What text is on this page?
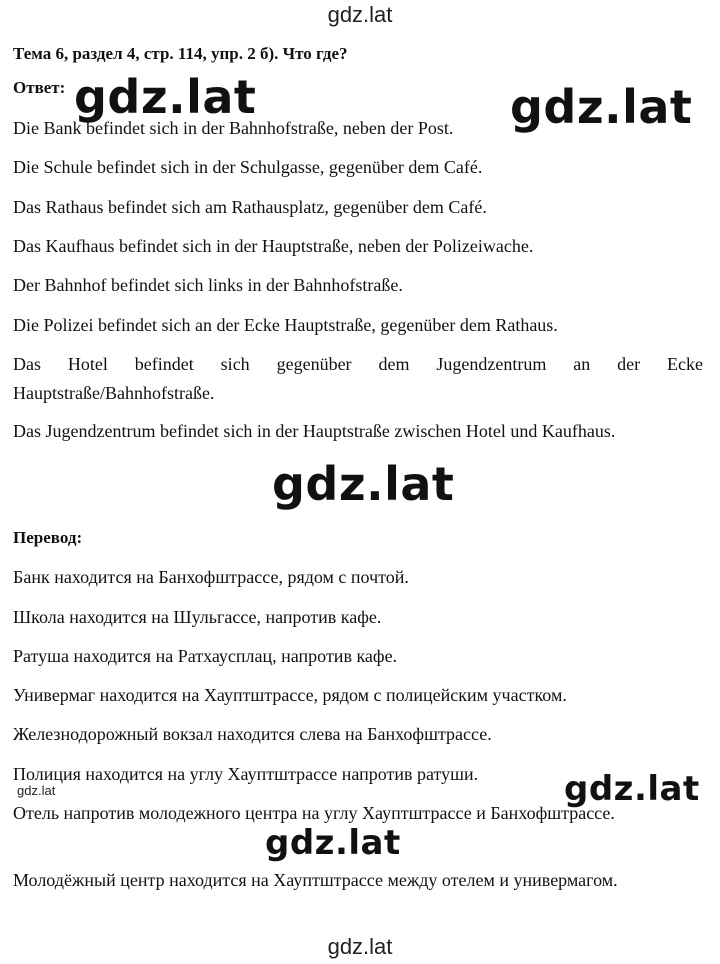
gdz.lat
Тема 6, раздел 4, стр. 114, упр. 2 б). Что где?
Ответ:
Die Bank befindet sich in der Bahnhofstraße, neben der Post.
Die Schule befindet sich in der Schulgasse, gegenüber dem Café.
Das Rathaus befindet sich am Rathausplatz, gegenüber dem Café.
Das Kaufhaus befindet sich in der Hauptstraße, neben der Polizeiwache.
Der Bahnhof befindet sich links in der Bahnhofstraße.
Die Polizei befindet sich an der Ecke Hauptstraße, gegenüber dem Rathaus.
Das Hotel befindet sich gegenüber dem Jugendzentrum an der Ecke Hauptstraße/Bahnhofstraße.
Das Jugendzentrum befindet sich in der Hauptstraße zwischen Hotel und Kaufhaus.
Перевод:
Банк находится на Банхофштрассе, рядом с почтой.
Школа находится на Шульгассе, напротив кафе.
Ратуша находится на Ратхаусплац, напротив кафе.
Универмаг находится на Хауптштрассе, рядом с полицейским участком.
Железнодорожный вокзал находится слева на Банхофштрассе.
Полиция находится на углу Хауптштрассе напротив ратуши.
Отель напротив молодежного центра на углу Хауптштрассе и Банхофштрассе.
Молодёжный центр находится на Хауптштрассе между отелем и универмагом.
gdz.lat	gdz.lat
gdz.lat
gdz.lat
gdz.lat
gdz.lat
gdz.lat
